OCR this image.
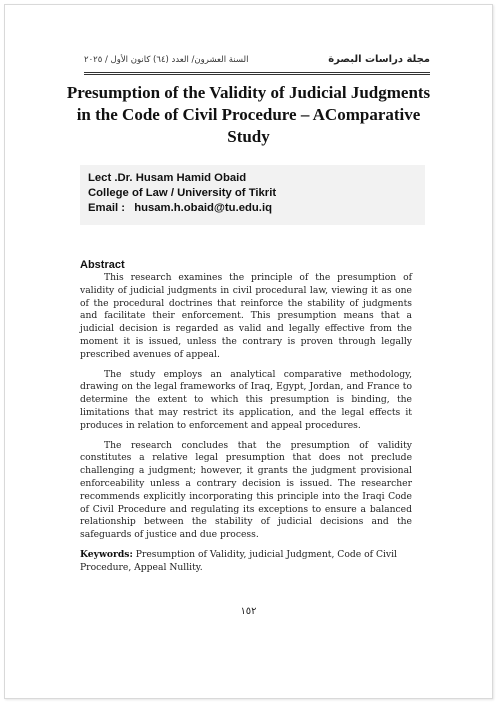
مجلة دراسات البصرة
السنة العشرون/ العدد (٦٤) كانون الأول / ٢٠٢٥
Presumption of the Validity of Judicial Judgments in the Code of Civil Procedure – AComparative Study
Lect .Dr. Husam Hamid Obaid
College of Law / University of Tikrit
Email : husam.h.obaid@tu.edu.iq
Abstract

This research examines the principle of the presumption of validity of judicial judgments in civil procedural law, viewing it as one of the procedural doctrines that reinforce the stability of judgments and facilitate their enforcement. This presumption means that a judicial decision is regarded as valid and legally effective from the moment it is issued, unless the contrary is proven through legally prescribed avenues of appeal.

The study employs an analytical comparative methodology, drawing on the legal frameworks of Iraq, Egypt, Jordan, and France to determine the extent to which this presumption is binding, the limitations that may restrict its application, and the legal effects it produces in relation to enforcement and appeal procedures.

The research concludes that the presumption of validity constitutes a relative legal presumption that does not preclude challenging a judgment; however, it grants the judgment provisional enforceability unless a contrary decision is issued. The researcher recommends explicitly incorporating this principle into the Iraqi Code of Civil Procedure and regulating its exceptions to ensure a balanced relationship between the stability of judicial decisions and the safeguards of justice and due process.

Keywords: Presumption of Validity, judicial Judgment, Code of Civil Procedure, Appeal Nullity.

١٥٢
